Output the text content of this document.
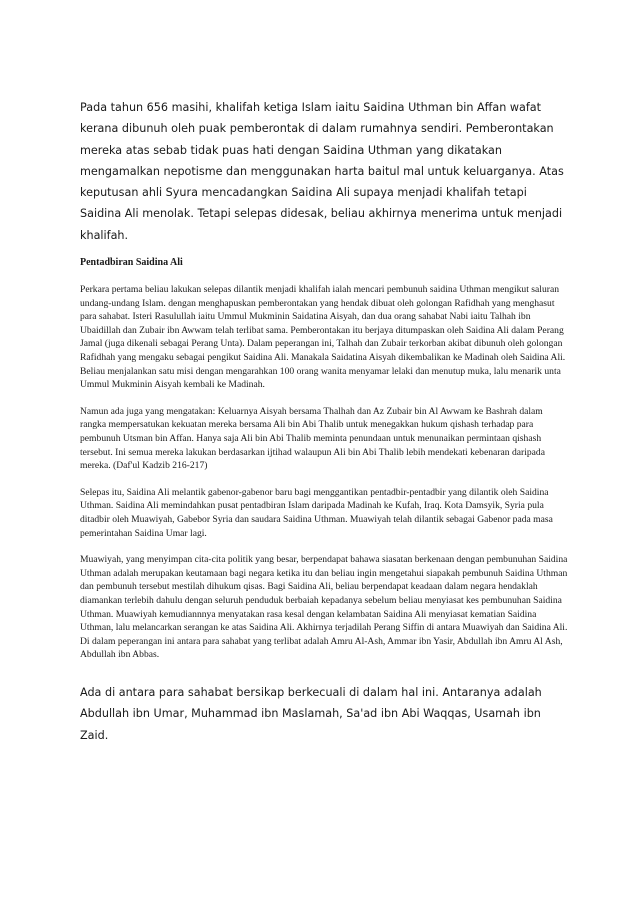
Pada tahun 656 masihi, khalifah ketiga Islam iaitu Saidina Uthman bin Affan wafat kerana dibunuh oleh puak pemberontak di dalam rumahnya sendiri. Pemberontakan mereka atas sebab tidak puas hati dengan Saidina Uthman yang dikatakan mengamalkan nepotisme dan menggunakan harta baitul mal untuk keluarganya. Atas keputusan ahli Syura mencadangkan Saidina Ali supaya menjadi khalifah tetapi Saidina Ali menolak. Tetapi selepas didesak, beliau akhirnya menerima untuk menjadi khalifah.

Pentadbiran Saidina Ali

Perkara pertama beliau lakukan selepas dilantik menjadi khalifah ialah mencari pembunuh saidina Uthman mengikut saluran undang-undang Islam. dengan menghapuskan pemberontakan yang hendak dibuat oleh golongan Rafidhah yang menghasut para sahabat. Isteri Rasulullah iaitu Ummul Mukminin Saidatina Aisyah, dan dua orang sahabat Nabi iaitu Talhah ibn Ubaidillah dan Zubair ibn Awwam telah terlibat sama. Pemberontakan itu berjaya ditumpaskan oleh Saidina Ali dalam Perang Jamal (juga dikenali sebagai Perang Unta). Dalam peperangan ini, Talhah dan Zubair terkorban akibat dibunuh oleh golongan Rafidhah yang mengaku sebagai pengikut Saidina Ali. Manakala Saidatina Aisyah dikembalikan ke Madinah oleh Saidina Ali. Beliau menjalankan satu misi dengan mengarahkan 100 orang wanita menyamar lelaki dan menutup muka, lalu menarik unta Ummul Mukminin Aisyah kembali ke Madinah.

Namun ada juga yang mengatakan: Keluarnya Aisyah bersama Thalhah dan Az Zubair bin Al Awwam ke Bashrah dalam rangka mempersatukan kekuatan mereka bersama Ali bin Abi Thalib untuk menegakkan hukum qishash terhadap para pembunuh Utsman bin Affan. Hanya saja Ali bin Abi Thalib meminta penundaan untuk menunaikan permintaan qishash tersebut. Ini semua mereka lakukan berdasarkan ijtihad walaupun Ali bin Abi Thalib lebih mendekati kebenaran daripada mereka. (Daf'ul Kadzib 216-217)

Selepas itu, Saidina Ali melantik gabenor-gabenor baru bagi menggantikan pentadbir-pentadbir yang dilantik oleh Saidina Uthman. Saidina Ali memindahkan pusat pentadbiran Islam daripada Madinah ke Kufah, Iraq. Kota Damsyik, Syria pula ditadbir oleh Muawiyah, Gabebor Syria dan saudara Saidina Uthman. Muawiyah telah dilantik sebagai Gabenor pada masa pemerintahan Saidina Umar lagi.

Muawiyah, yang menyimpan cita-cita politik yang besar, berpendapat bahawa siasatan berkenaan dengan pembunuhan Saidina Uthman adalah merupakan keutamaan bagi negara ketika itu dan beliau ingin mengetahui siapakah pembunuh Saidina Uthman dan pembunuh tersebut mestilah dihukum qisas. Bagi Saidina Ali, beliau berpendapat keadaan dalam negara hendaklah diamankan terlebih dahulu dengan seluruh penduduk berbaiah kepadanya sebelum beliau menyiasat kes pembunuhan Saidina Uthman. Muawiyah kemudiannnya menyatakan rasa kesal dengan kelambatan Saidina Ali menyiasat kematian Saidina Uthman, lalu melancarkan serangan ke atas Saidina Ali. Akhirnya terjadilah Perang Siffin di antara Muawiyah dan Saidina Ali. Di dalam peperangan ini antara para sahabat yang terlibat adalah Amru Al-Ash, Ammar ibn Yasir, Abdullah ibn Amru Al Ash, Abdullah ibn Abbas.

Ada di antara para sahabat bersikap berkecuali di dalam hal ini. Antaranya adalah Abdullah ibn Umar, Muhammad ibn Maslamah, Sa'ad ibn Abi Waqqas, Usamah ibn Zaid.
